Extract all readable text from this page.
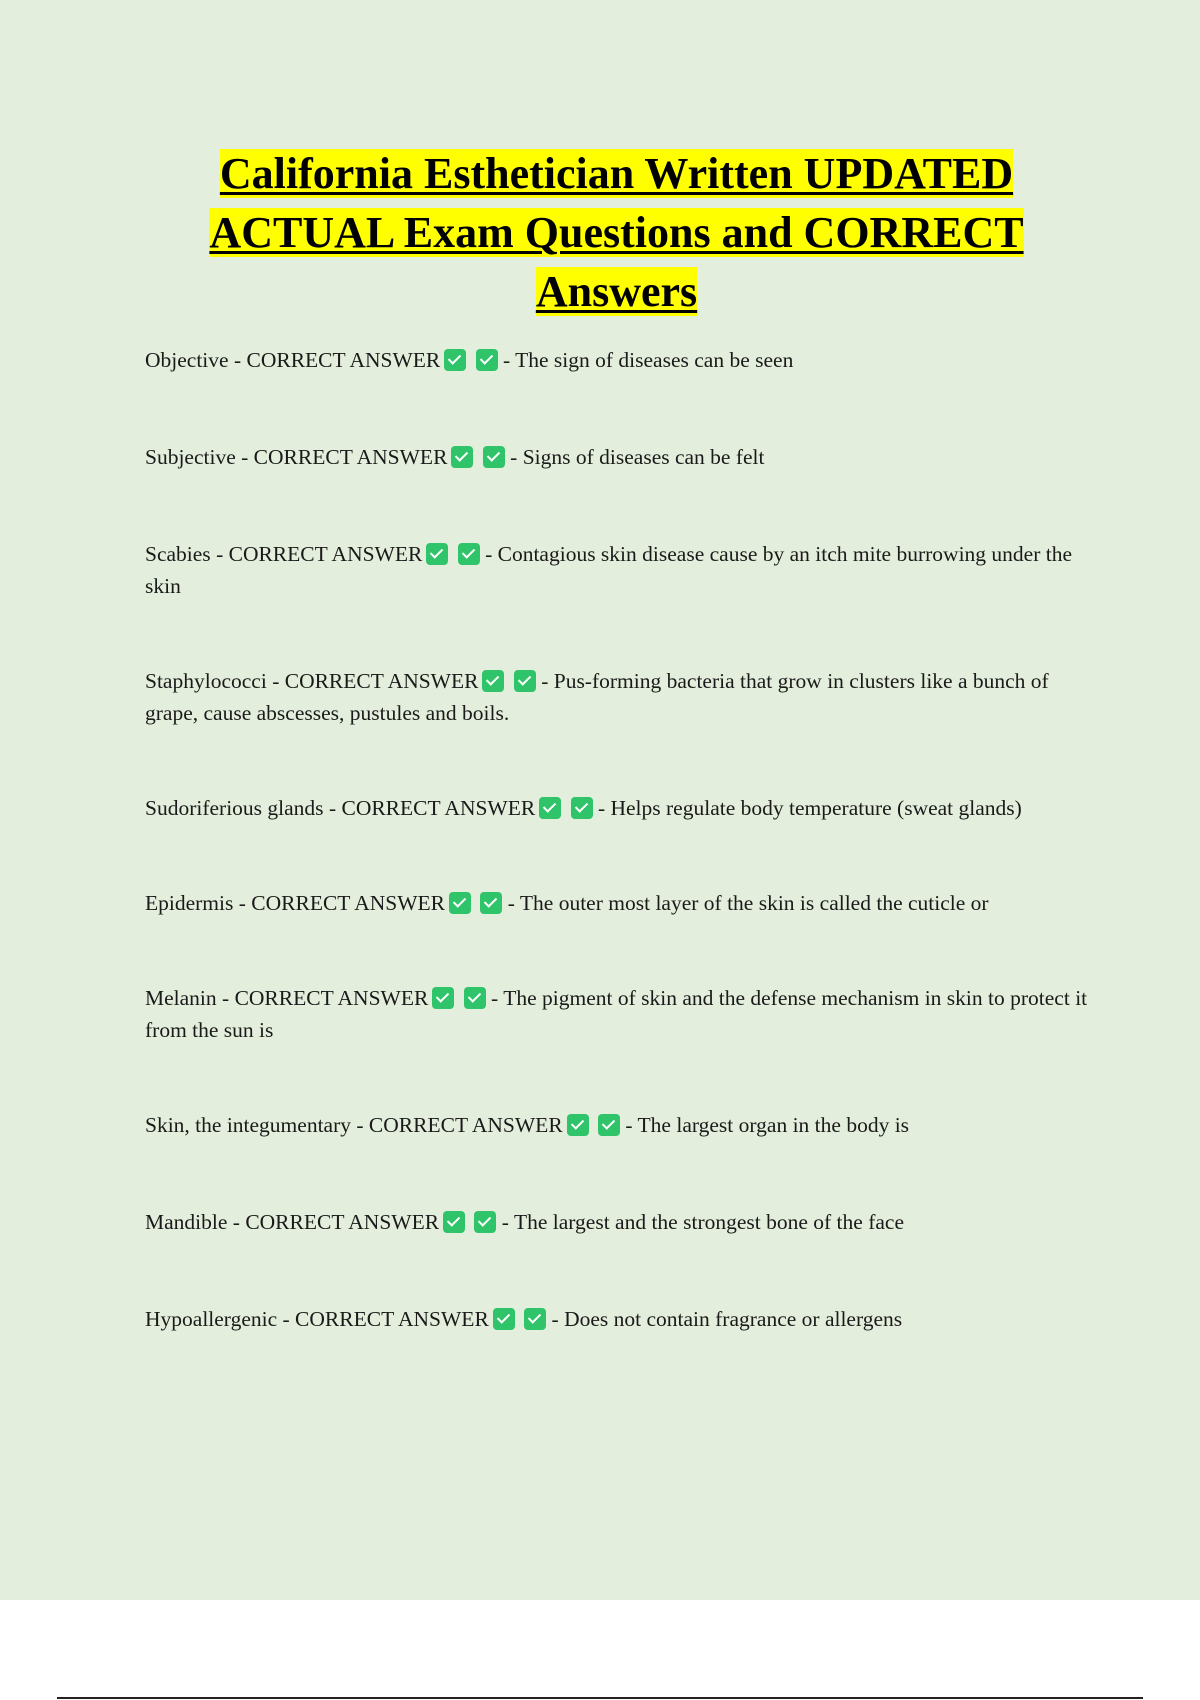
California Esthetician Written UPDATED ACTUAL Exam Questions and CORRECT Answers

Objective - CORRECT ANSWER	- The sign of diseases can be seen

Subjective - CORRECT ANSWER	- Signs of diseases can be felt

Scabies - CORRECT ANSWER	- Contagious skin disease cause by an itch mite burrowing under the skin

Staphylococci - CORRECT ANSWER	- Pus-forming bacteria that grow in clusters like a bunch of grape, cause abscesses, pustules and boils.

Sudoriferious glands - CORRECT ANSWER	- Helps regulate body temperature (sweat glands)

Epidermis - CORRECT ANSWER	- The outer most layer of the skin is called the cuticle or

Melanin - CORRECT ANSWER	- The pigment of skin and the defense mechanism in skin to protect it from the sun is

Skin, the integumentary - CORRECT ANSWER	- The largest organ in the body is

Mandible - CORRECT ANSWER	- The largest and the strongest bone of the face

Hypoallergenic - CORRECT ANSWER	- Does not contain fragrance or allergens
